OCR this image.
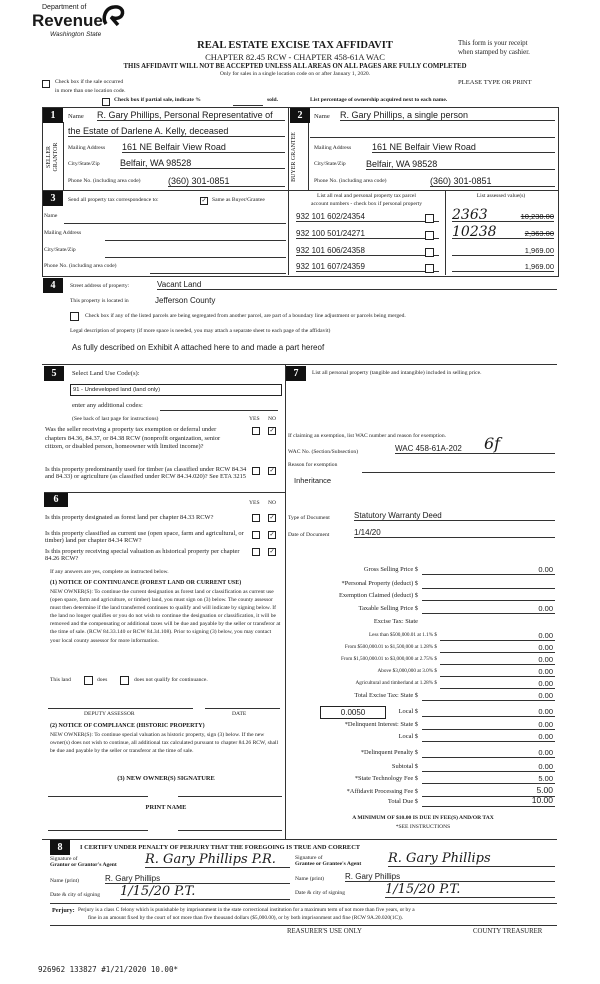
Department of
Revenue
Washington State
REAL ESTATE EXCISE TAX AFFIDAVIT
CHAPTER 82.45 RCW - CHAPTER 458-61A WAC
THIS AFFIDAVIT WILL NOT BE ACCEPTED UNLESS ALL AREAS ON ALL PAGES ARE FULLY COMPLETED
Only for sales in a single location code on or after January 1, 2020.
This form is your receipt
when stamped by cashier.
Check box if the sale occurred
in more than one location code.
PLEASE TYPE OR PRINT
Check box if partial sale, indicate %	sold.	List percentage of ownership acquired next to each name.
1
SELLER GRANTOR
Name R. Gary Phillips, Personal Representative of
the Estate of Darlene A. Kelly, deceased
Mailing Address 161 NE Belfair View Road
City/State/Zip Belfair, WA 98528
Phone No. (including area code)	(360) 301-0851
2
BUYER GRANTEE
Name R. Gary Phillips, a single person
Mailing Address 161 NE Belfair View Road
City/State/Zip Belfair, WA 98528
Phone No. (including area code)	(360) 301-0851
3	Send all property tax correspondence to:	✓ Same as Buyer/Grantee
Name
Mailing Address
City/State/Zip
Phone No. (including area code)
List all real and personal property tax parcel
account numbers - check box if personal property
List assessed value(s)
932 101 602/24354	10,238.00
2363
932 100 501/24271	2,363.00
10238
932 101 606/24358	1,969.00
932 101 607/24359	1,969.00
4	Street address of property:	Vacant Land
This property is located in	Jefferson County
Check box if any of the listed parcels are being segregated from another parcel, are part of a boundary line adjustment or parcels being merged.
Legal description of property (if more space is needed, you may attach a separate sheet to each page of the affidavit)
As fully described on Exhibit A attached here to and made a part hereof
5	Select Land Use Code(s):
91 - Undeveloped land (land only)
enter any additional codes:
(See back of last page for instructions)	YES NO
Was the seller receiving a property tax exemption or deferral under chapters 84.36, 84.37, or 84.38 RCW (nonprofit organization, senior citizen, or disabled person, homeowner with limited income)?
✓
Is this property predominantly used for timber (as classified under RCW 84.34 and 84.33) or agriculture (as classified under RCW 84.34.020)? See ETA 3215
✓
6	YES NO
Is this property designated as forest land per chapter 84.33 RCW?	✓
Is this property classified as current use (open space, farm and agricultural, or timber) land per chapter 84.34 RCW?
✓
Is this property receiving special valuation as historical property per chapter 84.26 RCW?
✓
If any answers are yes, complete as instructed below.
(1) NOTICE OF CONTINUANCE (FOREST LAND OR CURRENT USE)
NEW OWNER(S): To continue the current designation as forest land or classification as current use (open space, farm and agriculture, or timber) land, you must sign on (3) below. The county assessor must then determine if the land transferred continues to qualify and will indicate by signing below. If the land no longer qualifies or you do not wish to continue the designation or classification, it will be removed and the compensating or additional taxes will be due and payable by the seller or transferor at the time of sale. (RCW 84.33.140 or RCW 84.34.108). Prior to signing (3) below, you may contact your local county assessor for more information.
This land	does	does not qualify for continuance.
DEPUTY ASSESSOR	DATE
(2) NOTICE OF COMPLIANCE (HISTORIC PROPERTY)
NEW OWNER(S): To continue special valuation as historic property, sign (3) below. If the new owner(s) does not wish to continue, all additional tax calculated pursuant to chapter 84.26 RCW, shall be due and payable by the seller or transferor at the time of sale.
(3) NEW OWNER(S) SIGNATURE
PRINT NAME
7	List all personal property (tangible and intangible) included in selling price.
If claiming an exemption, list WAC number and reason for exemption.
WAC No. (Section/Subsection)	WAC 458-61A-202	6f
Reason for exemption
Inheritance
Type of Document	Statutory Warranty Deed
Date of Document	1/14/20
Gross Selling Price $	0.00
*Personal Property (deduct) $
Exemption Claimed (deduct) $
Taxable Selling Price $	0.00
Excise Tax: State
Less than $500,000.01 at 1.1% $	0.00
From $500,000.01 to $1,500,000 at 1.28% $	0.00
From $1,500,000.01 to $3,000,000 at 2.75% $	0.00
Above $3,000,000 at 3.0% $	0.00
Agricultural and timberland at 1.28% $	0.00
Total Excise Tax: State $	0.00
Local $	0.00
*Delinquent Interest: State $	0.00
Local $	0.00
*Delinquent Penalty $	0.00
Subtotal $	0.00
*State Technology Fee $	5.00
*Affidavit Processing Fee $	5.00
Total Due $	10.00
0.0050
A MINIMUM OF $10.00 IS DUE IN FEE(S) AND/OR TAX
*SEE INSTRUCTIONS
8	I CERTIFY UNDER PENALTY OF PERJURY THAT THE FOREGOING IS TRUE AND CORRECT
Signature of
Grantor or Grantor's Agent R. Gary Phillips P.R.
Name (print)	R. Gary Phillips
Date & city of signing 1/15/20 P.T.
Signature of
Grantee or Grantee's Agent R. Gary Phillips
Name (print)	R. Gary Phillips
Date & city of signing	1/15/20 P.T.
Perjury: Perjury is a class C felony which is punishable by imprisonment in the state correctional institution for a maximum term of not more than five years, or by a
fine in an amount fixed by the court of not more than five thousand dollars ($5,000.00), or by both imprisonment and fine (RCW 9A.20.020(1C)).
REASURER'S USE ONLY	COUNTY TREASURER
926962 133827 #1/21/2020 10.00*
